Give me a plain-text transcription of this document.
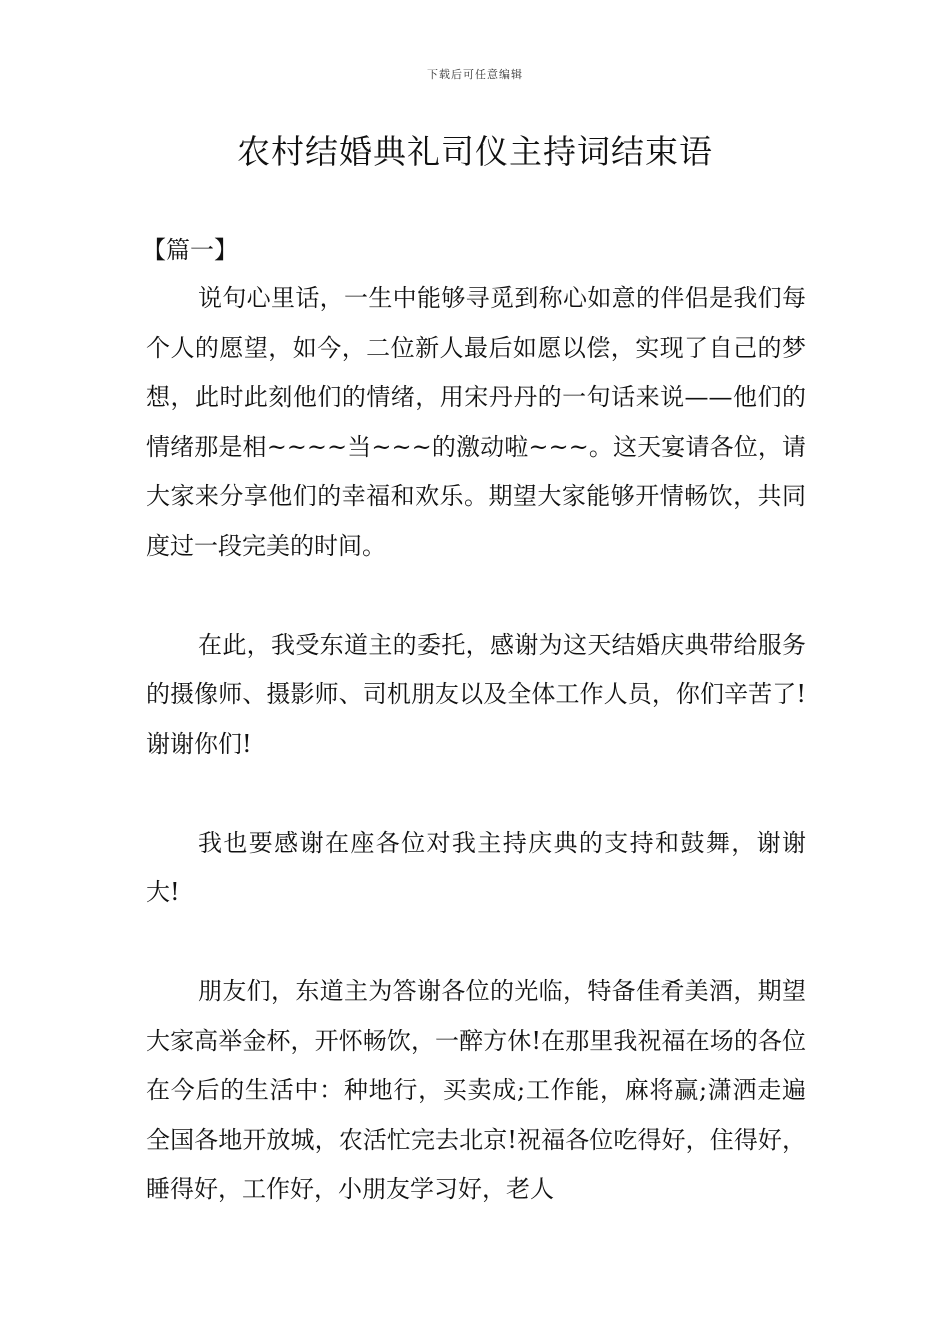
下载后可任意编辑
农村结婚典礼司仪主持词结束语
【篇一】

说句心里话，一生中能够寻觅到称心如意的伴侣是我们每个人的愿望，如今，二位新人最后如愿以偿，实现了自己的梦想，此时此刻他们的情绪，用宋丹丹的一句话来说——他们的情绪那是相~~~~当~~~的激动啦~~~。这天宴请各位，请大家来分享他们的幸福和欢乐。期望大家能够开情畅饮，共同度过一段完美的时间。

在此，我受东道主的委托，感谢为这天结婚庆典带给服务的摄像师、摄影师、司机朋友以及全体工作人员，你们辛苦了!谢谢你们!

我也要感谢在座各位对我主持庆典的支持和鼓舞，谢谢大!

朋友们，东道主为答谢各位的光临，特备佳肴美酒，期望大家高举金杯，开怀畅饮，一醉方休!在那里我祝福在场的各位在今后的生活中：种地行，买卖成;工作能，麻将赢;潇洒走遍全国各地开放城，农活忙完去北京!祝福各位吃得好，住得好，睡得好，工作好，小朋友学习好，老人
